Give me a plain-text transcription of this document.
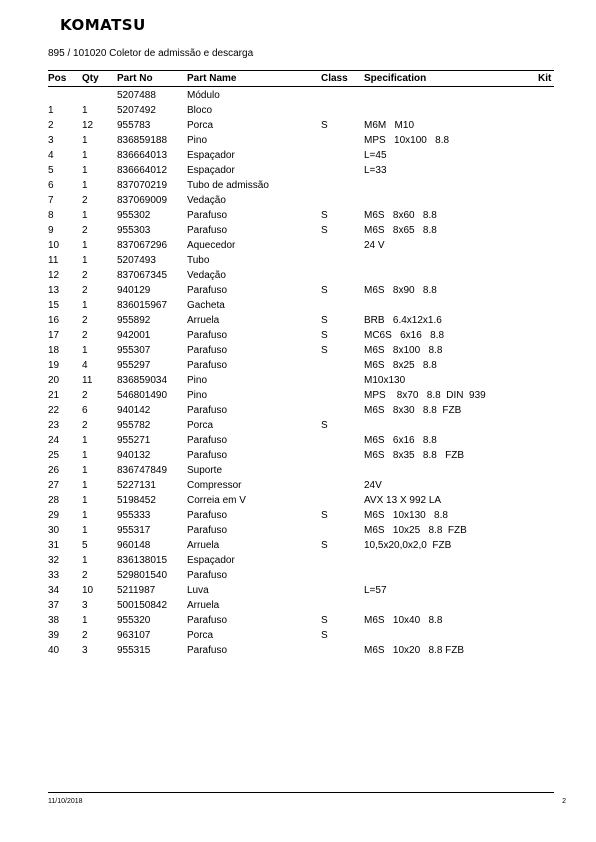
KOMATSU
895 / 101020 Coletor de admissão e descarga
Pos Qty Part No	Part Name	Class Specification	Kit
5207488	Módulo
1	1	5207492	Bloco
2	12 955783	Porca	S	M6M   M10
3	1	836859188 Pino	MPS   10x100   8.8
4	1	836664013 Espaçador	L=45
5	1	836664012 Espaçador	L=33
6	1	837070219 Tubo de admissão
7	2	837069009 Vedação
8	1	955302	Parafuso	S	M6S   8x60   8.8
9	2	955303	Parafuso	S	M6S   8x65   8.8
10 1	837067296 Aquecedor	24 V
11 1	5207493	Tubo
12 2	837067345 Vedação
13 2	940129	Parafuso	S	M6S   8x90   8.8
15 1	836015967 Gacheta
16 2	955892	Arruela	S	BRB   6.4x12x1.6
17 2	942001	Parafuso	S	MC6S   6x16   8.8
18 1	955307	Parafuso	S	M6S   8x100   8.8
19 4	955297	Parafuso	M6S   8x25   8.8
20 11 836859034 Pino	M10x130
21 2	546801490 Pino	MPS    8x70   8.8  DIN  939
22 6	940142	Parafuso	M6S   8x30   8.8  FZB
23 2	955782	Porca	S
24 1	955271	Parafuso	M6S   6x16   8.8
25 1	940132	Parafuso	M6S   8x35   8.8   FZB
26 1	836747849 Suporte
27 1	5227131	Compressor	24V
28 1	5198452	Correia em V	AVX 13 X 992 LA
29 1	955333	Parafuso	S	M6S   10x130   8.8
30 1	955317	Parafuso	M6S   10x25   8.8  FZB
31 5	960148	Arruela	S	10,5x20,0x2,0  FZB
32 1	836138015 Espaçador
33 2	529801540 Parafuso
34 10 5211987	Luva	L=57
37 3	500150842 Arruela
38 1	955320	Parafuso	S	M6S   10x40   8.8
39 2	963107	Porca	S
40 3	955315	Parafuso	M6S   10x20   8.8 FZB
11/10/2018	2
